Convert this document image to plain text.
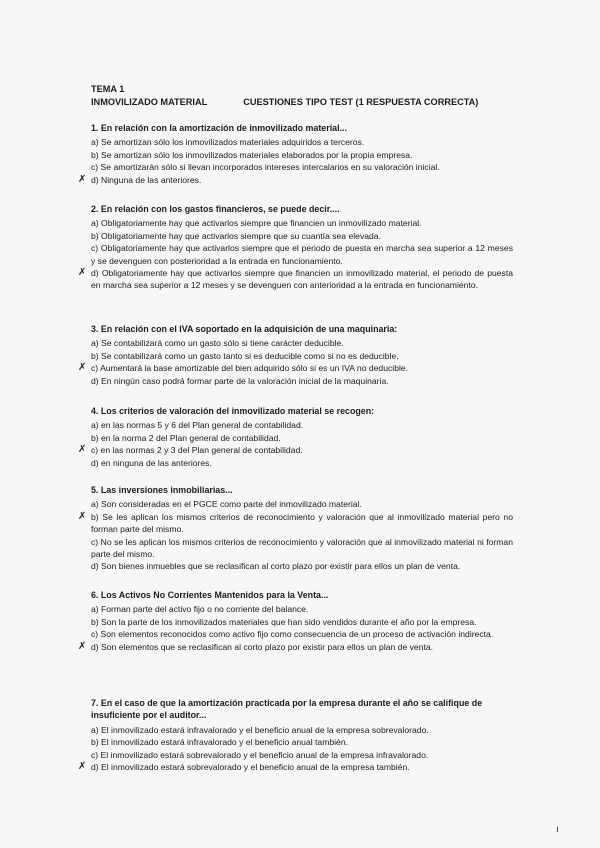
TEMA 1
INMOVILIZADO MATERIAL	CUESTIONES TIPO TEST (1 RESPUESTA CORRECTA)
1. En relación con la amortización de inmovilizado material...
a) Se amortizan sólo los inmovilizados materiales adquiridos a terceros.
b) Se amortizan sólo los inmovilizados materiales elaborados por la propia empresa.
c) Se amortizarán sólo si llevan incorporados intereses intercalarios en su valoración inicial.
✗ d) Ninguna de las anteriores.
2. En relación con los gastos financieros, se puede decir....
a) Obligatoriamente hay que activarlos siempre que financien un inmovilizado material.
b) Obligatoriamente hay que activarlos siempre que su cuantía sea elevada.
c) Obligatoriamente hay que activarlos siempre que el periodo de puesta en marcha sea superior a 12 meses y se devenguen con posterioridad a la entrada en funcionamiento.
✗ d) Obligatoriamente hay que activarlos siempre que financien un inmovilizado material, el periodo de puesta en marcha sea superior a 12 meses y se devenguen con anterioridad a la entrada en funcionamiento.
3. En relación con el IVA soportado en la adquisición de una maquinaria:
a) Se contabilizará como un gasto sólo si tiene carácter deducible.
b) Se contabilizará como un gasto tanto si es deducible como si no es deducible.
✗ c) Aumentará la base amortizable del bien adquirido sólo si es un IVA no deducible.
d) En ningún caso podrá formar parte de la valoración inicial de la maquinaria.
4. Los criterios de valoración del inmovilizado material se recogen:
a) en las normas 5 y 6 del Plan general de contabilidad.
b) en la norma 2 del Plan general de contabilidad.
✗ c) en las normas 2 y 3 del Plan general de contabilidad.
d) en ninguna de las anteriores.
5. Las inversiones inmobiliarias...
a) Son consideradas en el PGCE como parte del inmovilizado material.
✗ b) Se les aplican los mismos criterios de reconocimiento y valoración que al inmovilizado material pero no forman parte del mismo.
c) No se les aplican los mismos criterios de reconocimiento y valoración que al inmovilizado material ni forman parte del mismo.
d) Son bienes inmuebles que se reclasifican al corto plazo por existir para ellos un plan de venta.
6. Los Activos No Corrientes Mantenidos para la Venta...
a) Forman parte del activo fijo o no corriente del balance.
b) Son la parte de los inmovilizados materiales que han sido vendidos durante el año por la empresa.
c) Son elementos reconocidos como activo fijo como consecuencia de un proceso de activación indirecta.
✗ d) Son elementos que se reclasifican al corto plazo por existir para ellos un plan de venta.
7. En el caso de que la amortización practicada por la empresa durante el año se califique de insuficiente por el auditor...
a) El inmovilizado estará infravalorado y el beneficio anual de la empresa sobrevalorado.
b) El inmovilizado estará infravalorado y el beneficio anual también.
c) El inmovilizado estará sobrevalorado y el beneficio anual de la empresa infravalorado.
✗ d) El inmovilizado estará sobrevalorado y el beneficio anual de la empresa también.
ı
